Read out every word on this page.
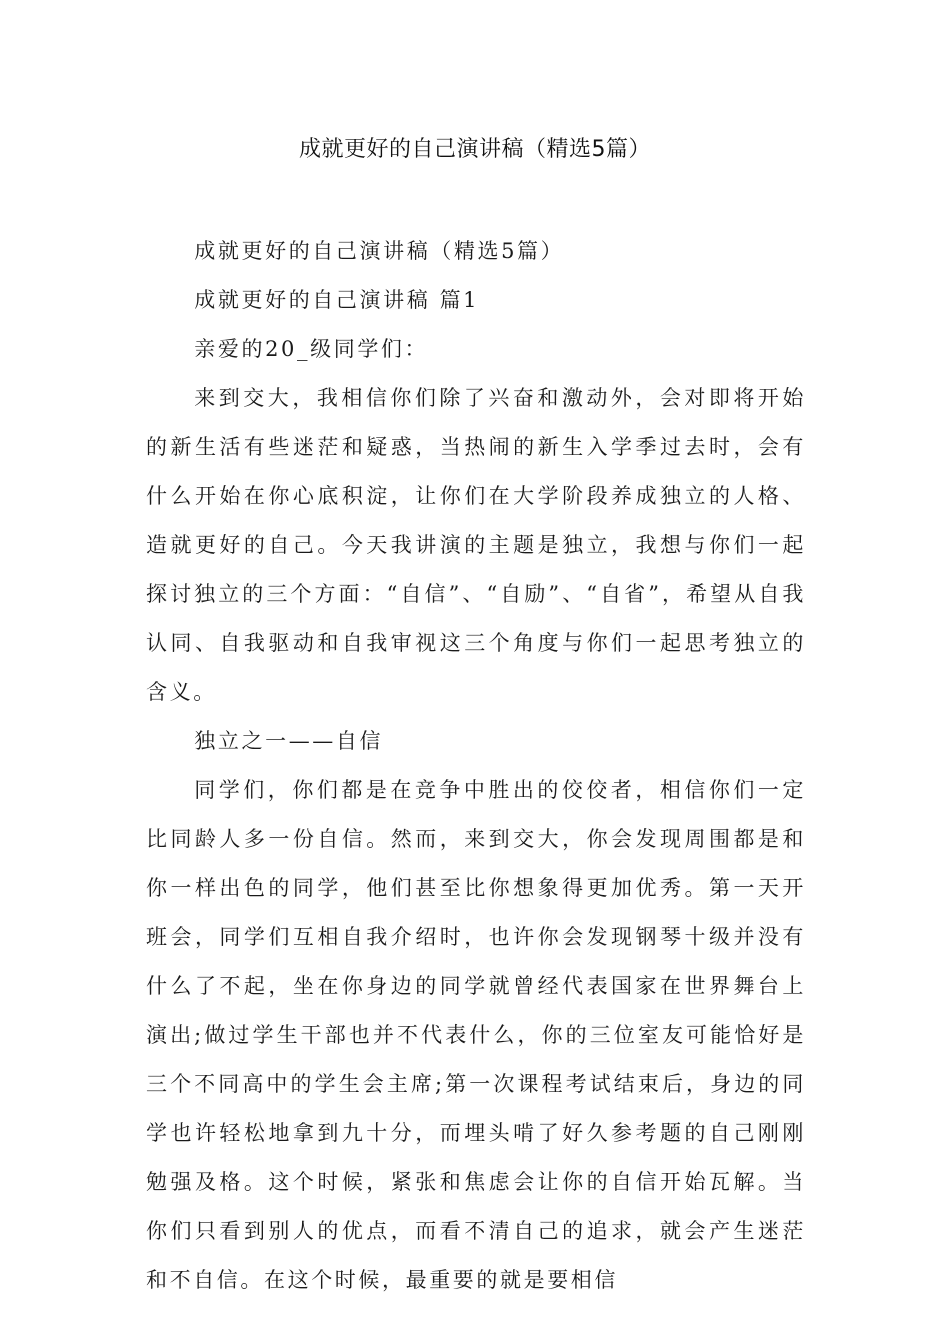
成就更好的自己演讲稿（精选5篇）

成就更好的自己演讲稿（精选5篇）

成就更好的自己演讲稿 篇1

亲爱的20_级同学们：

来到交大，我相信你们除了兴奋和激动外，会对即将开始的新生活有些迷茫和疑惑，当热闹的新生入学季过去时，会有什么开始在你心底积淀，让你们在大学阶段养成独立的人格、造就更好的自己。今天我讲演的主题是独立，我想与你们一起探讨独立的三个方面：“自信”、“自励”、“自省”，希望从自我认同、自我驱动和自我审视这三个角度与你们一起思考独立的含义。

独立之一——自信

同学们，你们都是在竞争中胜出的佼佼者，相信你们一定比同龄人多一份自信。然而，来到交大，你会发现周围都是和你一样出色的同学，他们甚至比你想象得更加优秀。第一天开班会，同学们互相自我介绍时，也许你会发现钢琴十级并没有什么了不起，坐在你身边的同学就曾经代表国家在世界舞台上演出;做过学生干部也并不代表什么，你的三位室友可能恰好是三个不同高中的学生会主席;第一次课程考试结束后，身边的同学也许轻松地拿到九十分，而埋头啃了好久参考题的自己刚刚勉强及格。这个时候，紧张和焦虑会让你的自信开始瓦解。当你们只看到别人的优点，而看不清自己的追求，就会产生迷茫和不自信。在这个时候，最重要的就是要相信
